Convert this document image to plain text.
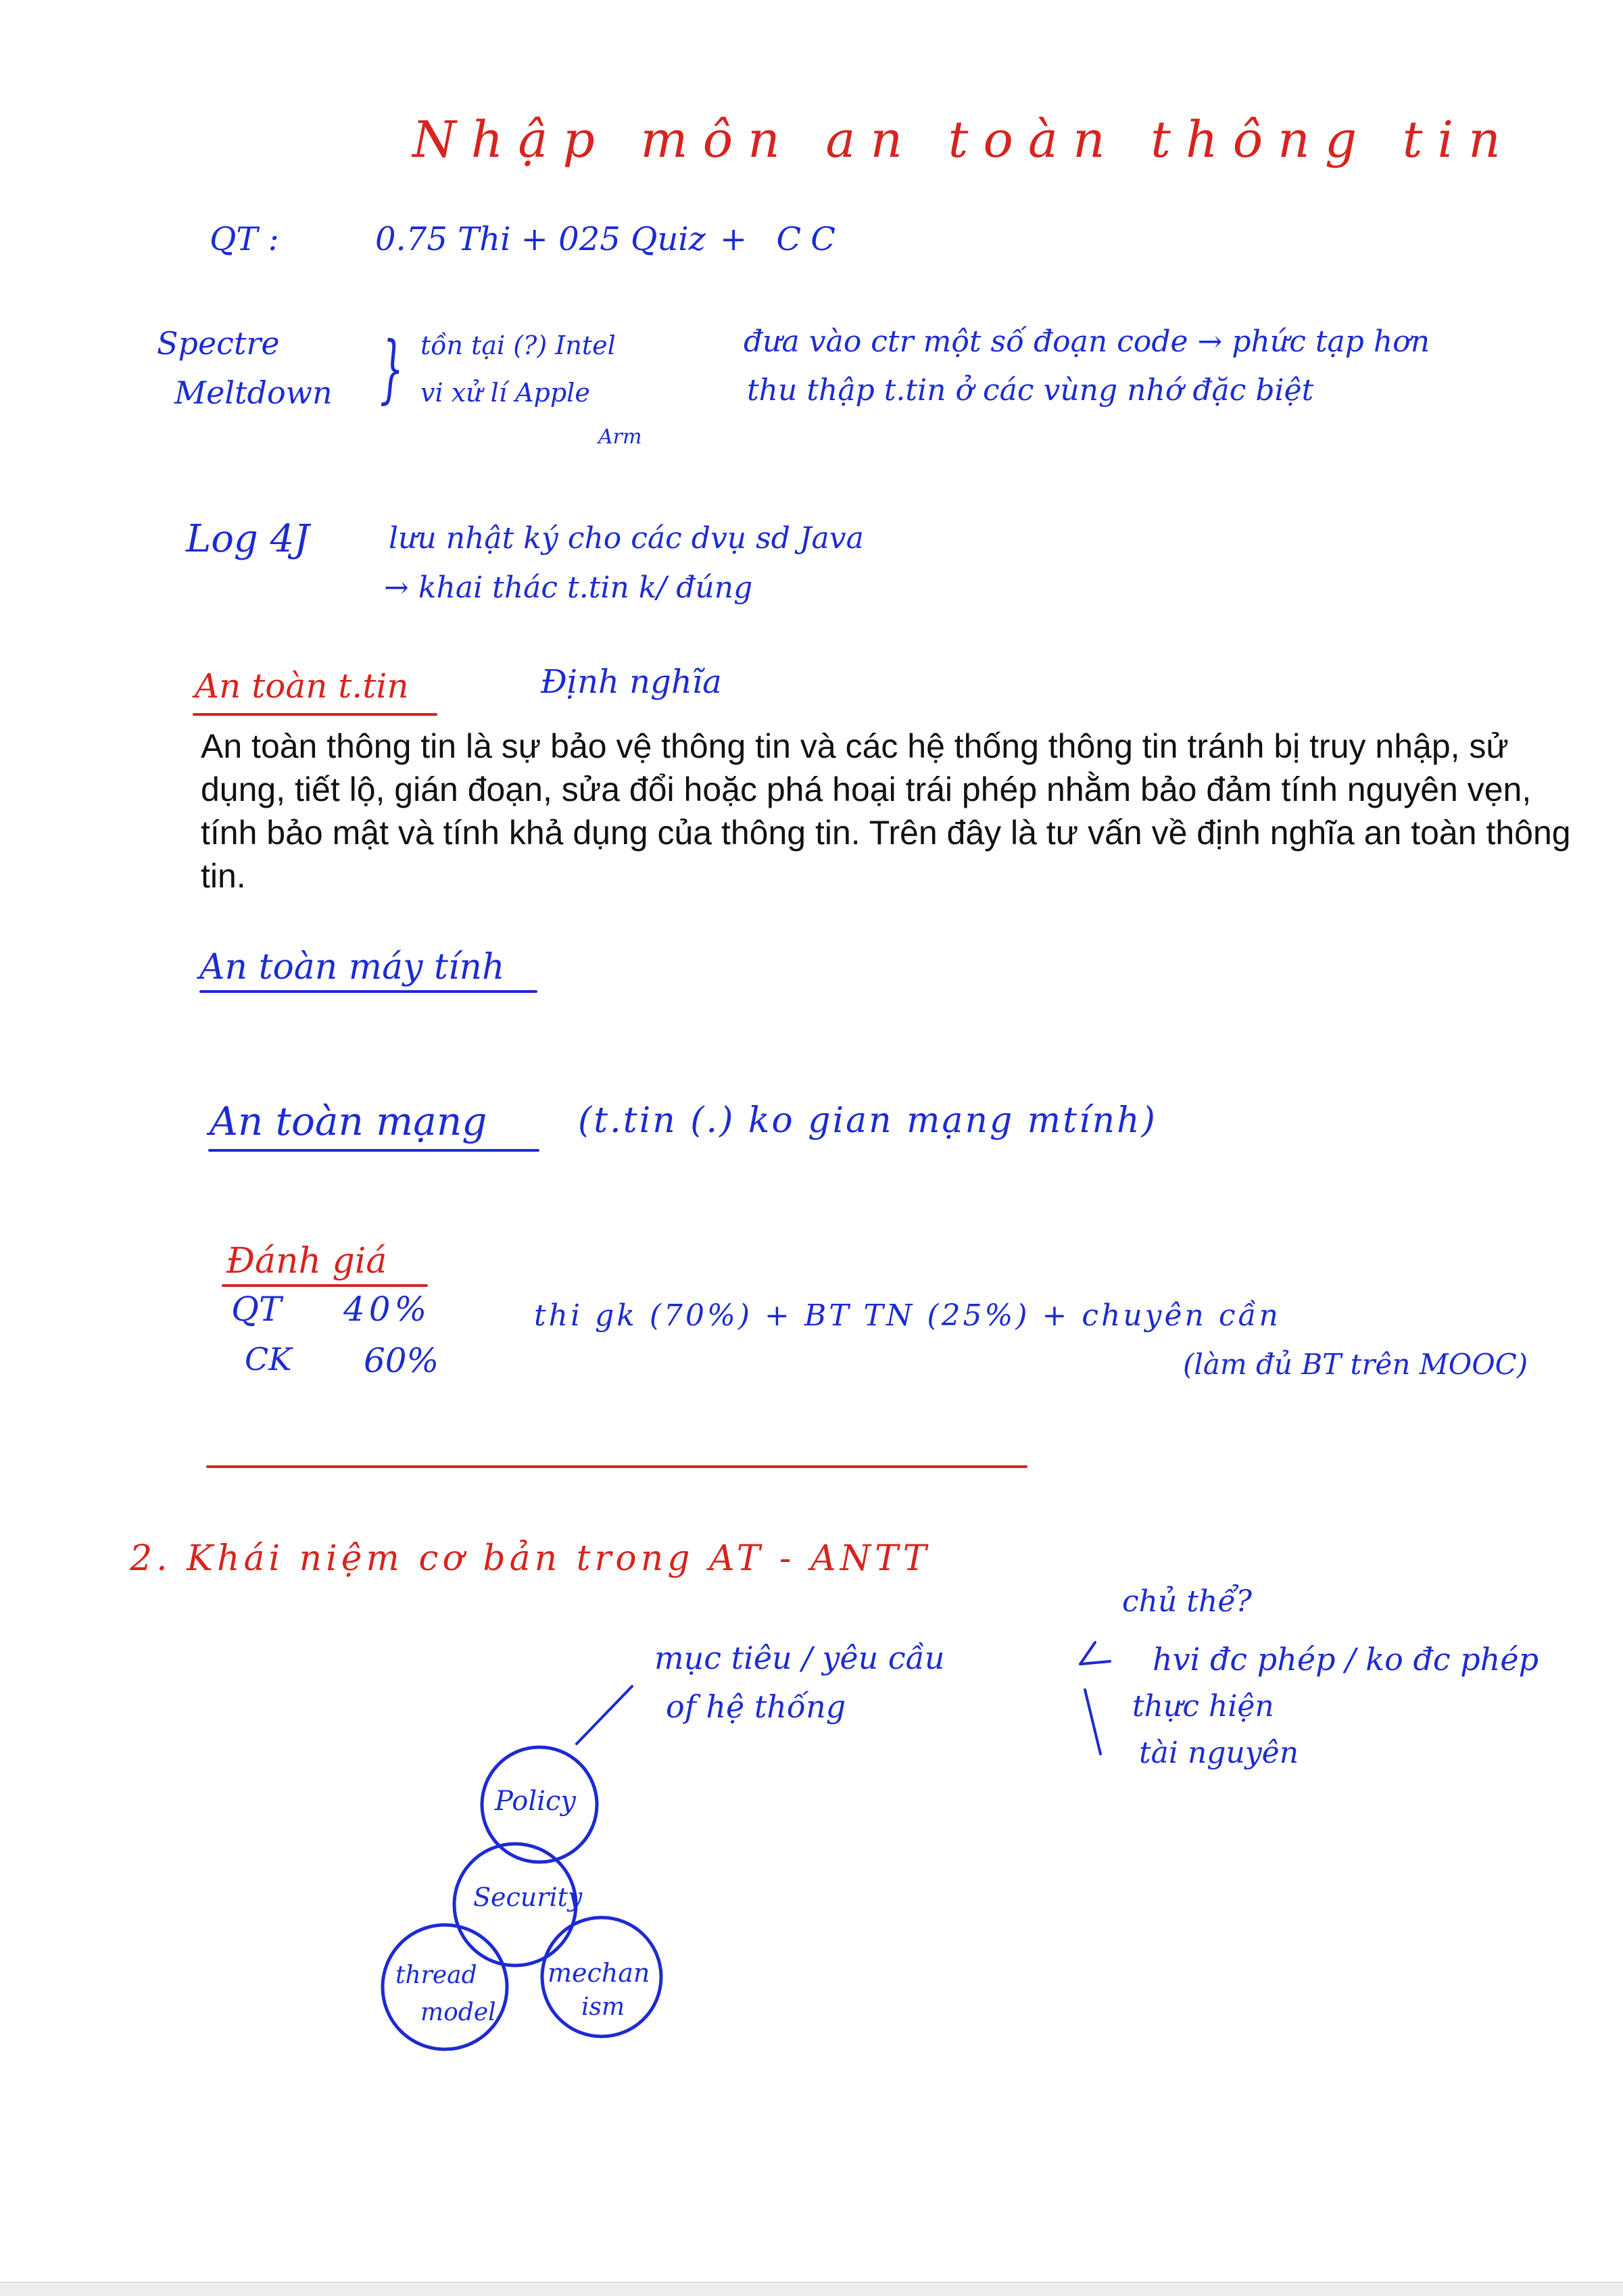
Nhập môn an toàn thông tin
QT :	0.75 Thi + 025 Quiz + CC
Spectre
Meltdown } tồn tại (?) Intel
vi xử lí Apple
Arm
đưa vào ctr một số đoạn code → phức tạp hơn
thu thập t.tin ở các vùng nhớ đặc biệt
Log 4J	lưu nhật ký cho các dvụ sd Java
→ khai thác t.tin k/ đúng
An toàn t.tin	Định nghĩa
An toàn thông tin là sự bảo vệ thông tin và các hệ thống thông tin tránh bị truy nhập, sử dụng, tiết lộ, gián đoạn, sửa đổi hoặc phá hoại trái phép nhằm bảo đảm tính nguyên vẹn, tính bảo mật và tính khả dụng của thông tin. Trên đây là tư vấn về định nghĩa an toàn thông tin.
An toàn máy tính
An toàn mạng	(t.tin (.) ko gian mạng mtính)
Đánh giá
QT 40%
CK 60%
thi gk (70%) + BT TN (25%) + chuyên cần
(làm đủ BT trên MOOC)
2. Khái niệm cơ bản trong AT - ANTT
mục tiêu / yêu cầu
of hệ thống
chủ thể?
hvi đc phép / ko đc phép
thực hiện
tài nguyên
Policy
Security
thread
model
mechan
ism
